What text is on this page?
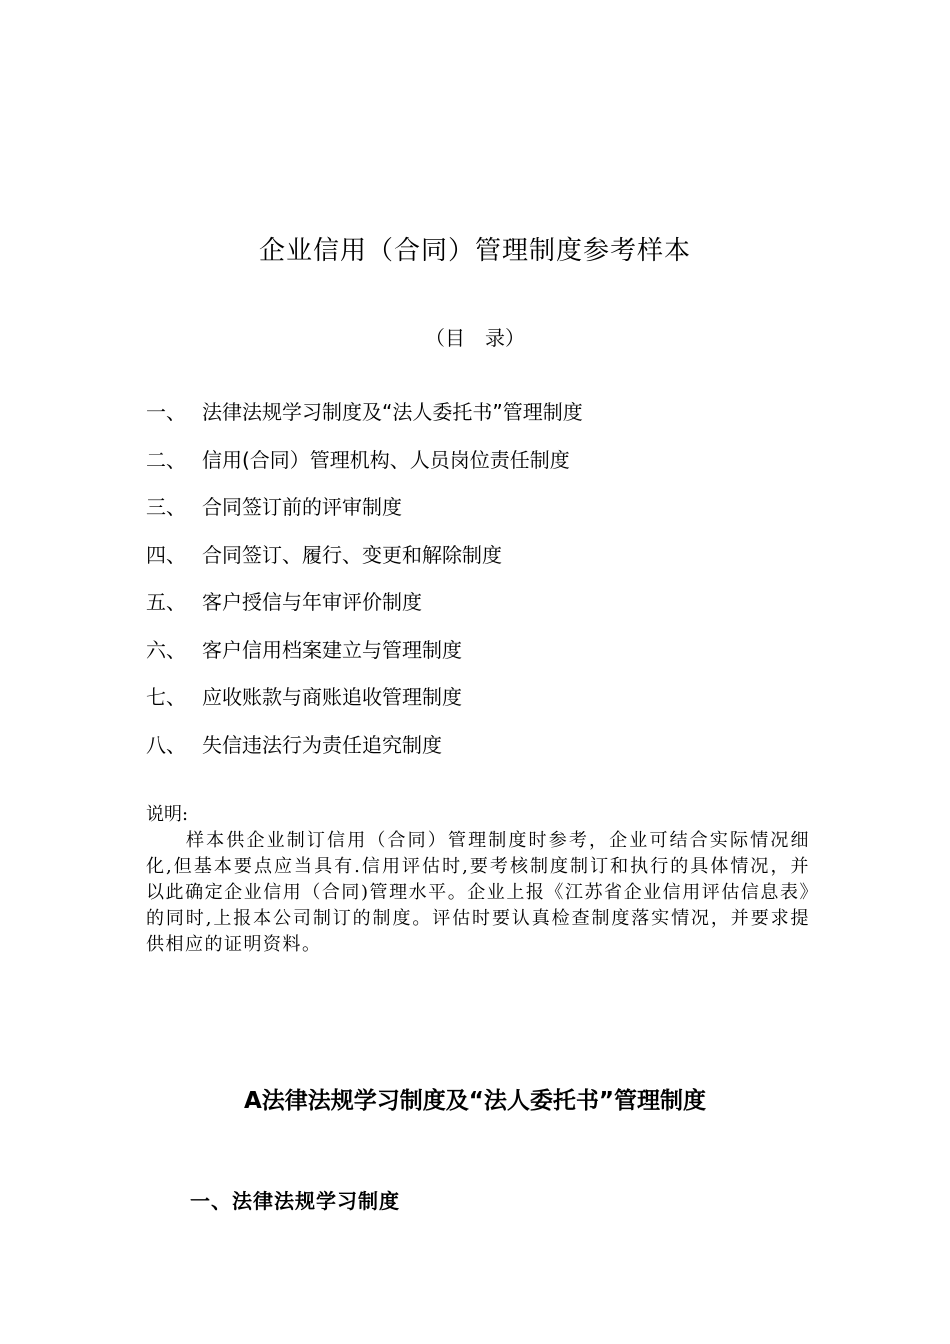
企业信用（合同）管理制度参考样本
（目　录）
一、 法律法规学习制度及“法人委托书”管理制度
二、 信用(合同）管理机构、人员岗位责任制度
三、 合同签订前的评审制度
四、 合同签订、履行、变更和解除制度
五、 客户授信与年审评价制度
六、 客户信用档案建立与管理制度
七、 应收账款与商账追收管理制度
八、 失信违法行为责任追究制度
说明:
样本供企业制订信用（合同）管理制度时参考，企业可结合实际情况细化,但基本要点应当具有.信用评估时,要考核制度制订和执行的具体情况，并以此确定企业信用（合同)管理水平。企业上报《江苏省企业信用评估信息表》的同时,上报本公司制订的制度。评估时要认真检查制度落实情况，并要求提供相应的证明资料。
A法律法规学习制度及“法人委托书”管理制度
一、法律法规学习制度
